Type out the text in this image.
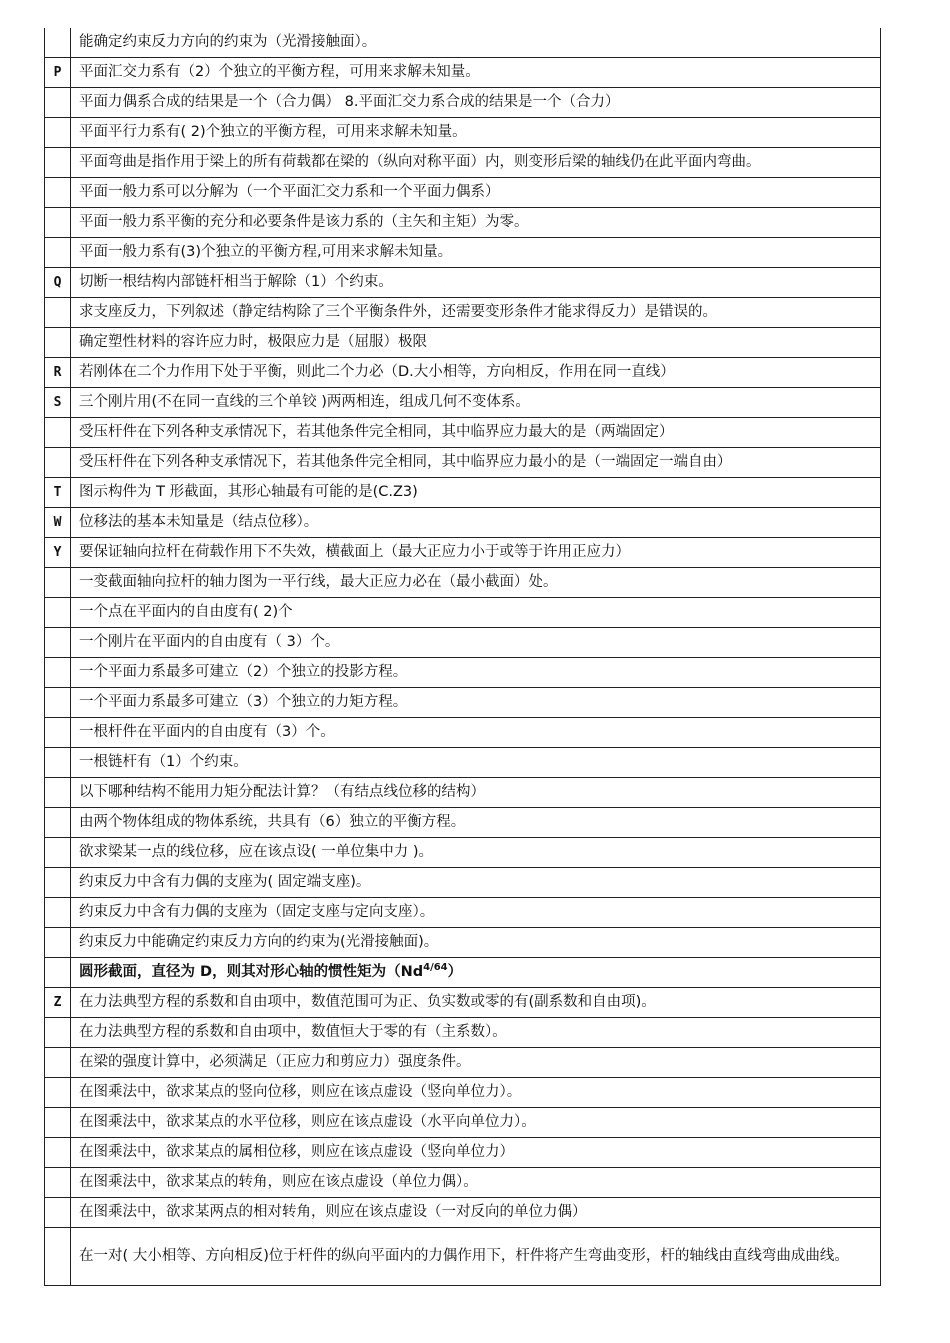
	能确定约束反力方向的约束为（光滑接触面）。
P	平面汇交力系有（2）个独立的平衡方程，可用来求解未知量。
	平面力偶系合成的结果是一个（合力偶） 8.平面汇交力系合成的结果是一个（合力）
	平面平行力系有( 2)个独立的平衡方程，可用来求解未知量。
	平面弯曲是指作用于梁上的所有荷载都在梁的（纵向对称平面）内，则变形后梁的轴线仍在此平面内弯曲。
	平面一般力系可以分解为（一个平面汇交力系和一个平面力偶系）
	平面一般力系平衡的充分和必要条件是该力系的（主矢和主矩）为零。
	平面一般力系有(3)个独立的平衡方程,可用来求解未知量。
Q	切断一根结构内部链杆相当于解除（1）个约束。
	求支座反力，下列叙述（静定结构除了三个平衡条件外，还需要变形条件才能求得反力）是错误的。
	确定塑性材料的容许应力时，极限应力是（屈服）极限
R	若刚体在二个力作用下处于平衡，则此二个力必（D.大小相等，方向相反，作用在同一直线）
S	三个刚片用(不在同一直线的三个单铰 )两两相连，组成几何不变体系。
	受压杆件在下列各种支承情况下，若其他条件完全相同，其中临界应力最大的是（两端固定）
	受压杆件在下列各种支承情况下，若其他条件完全相同，其中临界应力最小的是（一端固定一端自由）
T	图示构件为 T 形截面，其形心轴最有可能的是(C.Z3)
W	位移法的基本未知量是（结点位移）。
Y	要保证轴向拉杆在荷载作用下不失效，横截面上（最大正应力小于或等于许用正应力）
	一变截面轴向拉杆的轴力图为一平行线，最大正应力必在（最小截面）处。
	一个点在平面内的自由度有( 2)个
	一个刚片在平面内的自由度有（ 3）个。
	一个平面力系最多可建立（2）个独立的投影方程。
	一个平面力系最多可建立（3）个独立的力矩方程。
	一根杆件在平面内的自由度有（3）个。
	一根链杆有（1）个约束。
	以下哪种结构不能用力矩分配法计算？（有结点线位移的结构）
	由两个物体组成的物体系统，共具有（6）独立的平衡方程。
	欲求梁某一点的线位移，应在该点设( 一单位集中力 )。
	约束反力中含有力偶的支座为( 固定端支座)。
	约束反力中含有力偶的支座为（固定支座与定向支座）。
	约束反力中能确定约束反力方向的约束为(光滑接触面)。
	圆形截面，直径为 D，则其对形心轴的惯性矩为$(Nd^{4/64})$
Z	在力法典型方程的系数和自由项中，数值范围可为正、负实数或零的有(副系数和自由项)。
	在力法典型方程的系数和自由项中，数值恒大于零的有（主系数）。
	在梁的强度计算中，必须满足（正应力和剪应力）强度条件。
	在图乘法中，欲求某点的竖向位移，则应在该点虚设（竖向单位力）。
	在图乘法中，欲求某点的水平位移，则应在该点虚设（水平向单位力）。
	在图乘法中，欲求某点的属相位移，则应在该点虚设（竖向单位力）
	在图乘法中，欲求某点的转角，则应在该点虚设（单位力偶）。
	在图乘法中，欲求某两点的相对转角，则应在该点虚设（一对反向的单位力偶）
	在一对( 大小相等、方向相反)位于杆件的纵向平面内的力偶作用下，杆件将产生弯曲变形，杆的轴线由直线弯曲成曲线。
